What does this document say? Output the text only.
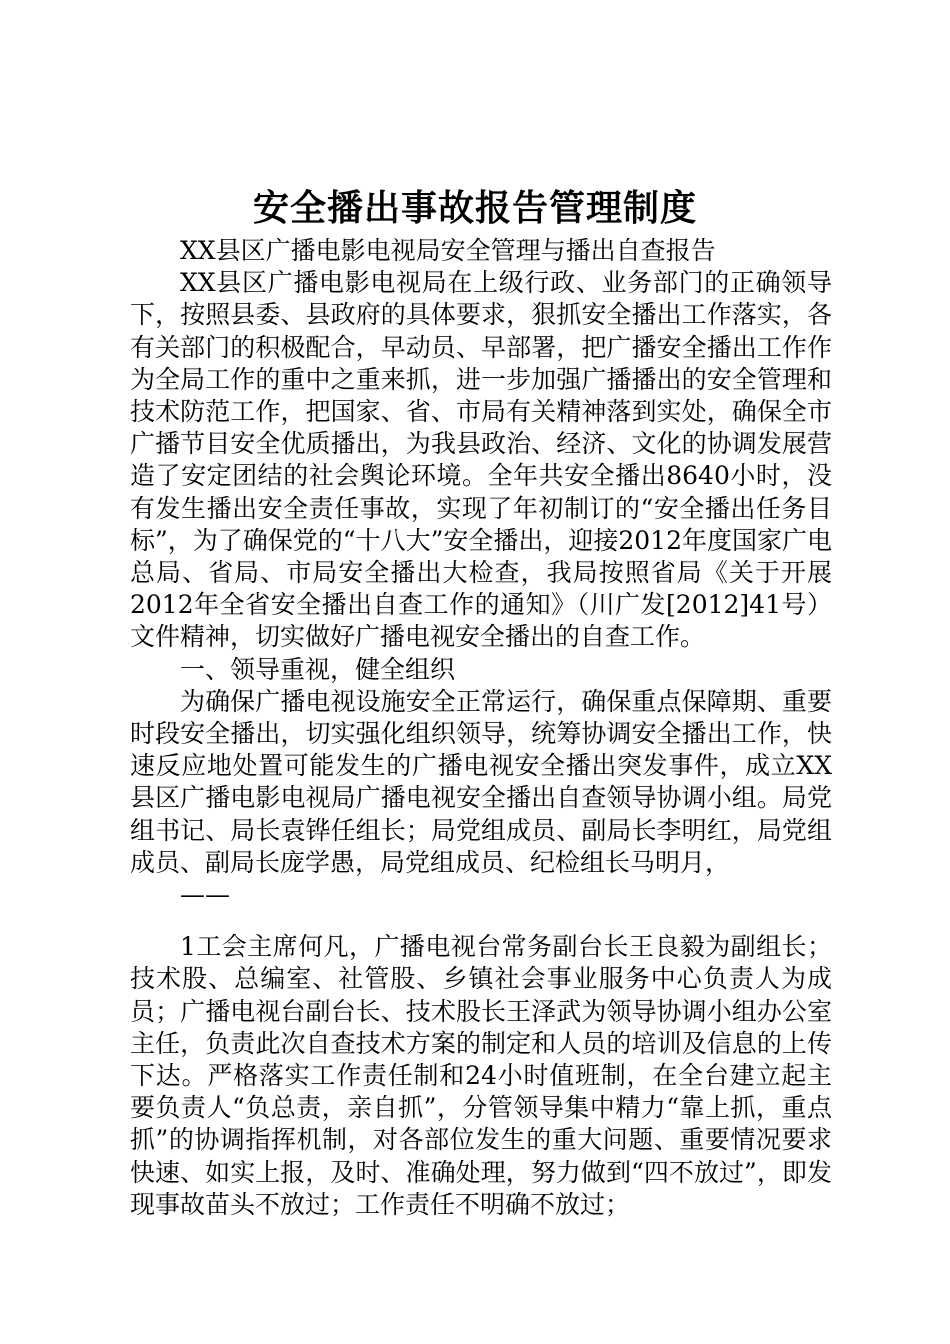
安全播出事故报告管理制度

XX县区广播电影电视局安全管理与播出自查报告

XX县区广播电影电视局在上级行政、业务部门的正确领导下，按照县委、县政府的具体要求，狠抓安全播出工作落实，各有关部门的积极配合，早动员、早部署，把广播安全播出工作作为全局工作的重中之重来抓，进一步加强广播播出的安全管理和技术防范工作，把国家、省、市局有关精神落到实处，确保全市广播节目安全优质播出，为我县政治、经济、文化的协调发展营造了安定团结的社会舆论环境。全年共安全播出8640小时，没有发生播出安全责任事故，实现了年初制订的“安全播出任务目标”，为了确保党的“十八大”安全播出，迎接2012年度国家广电总局、省局、市局安全播出大检查，我局按照省局《关于开展2012年全省安全播出自查工作的通知》（川广发[2012]41号）文件精神，切实做好广播电视安全播出的自查工作。

一、领导重视，健全组织

为确保广播电视设施安全正常运行，确保重点保障期、重要时段安全播出，切实强化组织领导，统筹协调安全播出工作，快速反应地处置可能发生的广播电视安全播出突发事件，成立XX县区广播电影电视局广播电视安全播出自查领导协调小组。局党组书记、局长袁铧任组长；局党组成员、副局长李明红，局党组成员、副局长庞学愚，局党组成员、纪检组长马明月，

——

1工会主席何凡，广播电视台常务副台长王良毅为副组长；技术股、总编室、社管股、乡镇社会事业服务中心负责人为成员；广播电视台副台长、技术股长王泽武为领导协调小组办公室主任，负责此次自查技术方案的制定和人员的培训及信息的上传下达。严格落实工作责任制和24小时值班制，在全台建立起主要负责人“负总责，亲自抓”，分管领导集中精力“靠上抓，重点抓”的协调指挥机制，对各部位发生的重大问题、重要情况要求快速、如实上报，及时、准确处理，努力做到“四不放过”，即发现事故苗头不放过；工作责任不明确不放过；
